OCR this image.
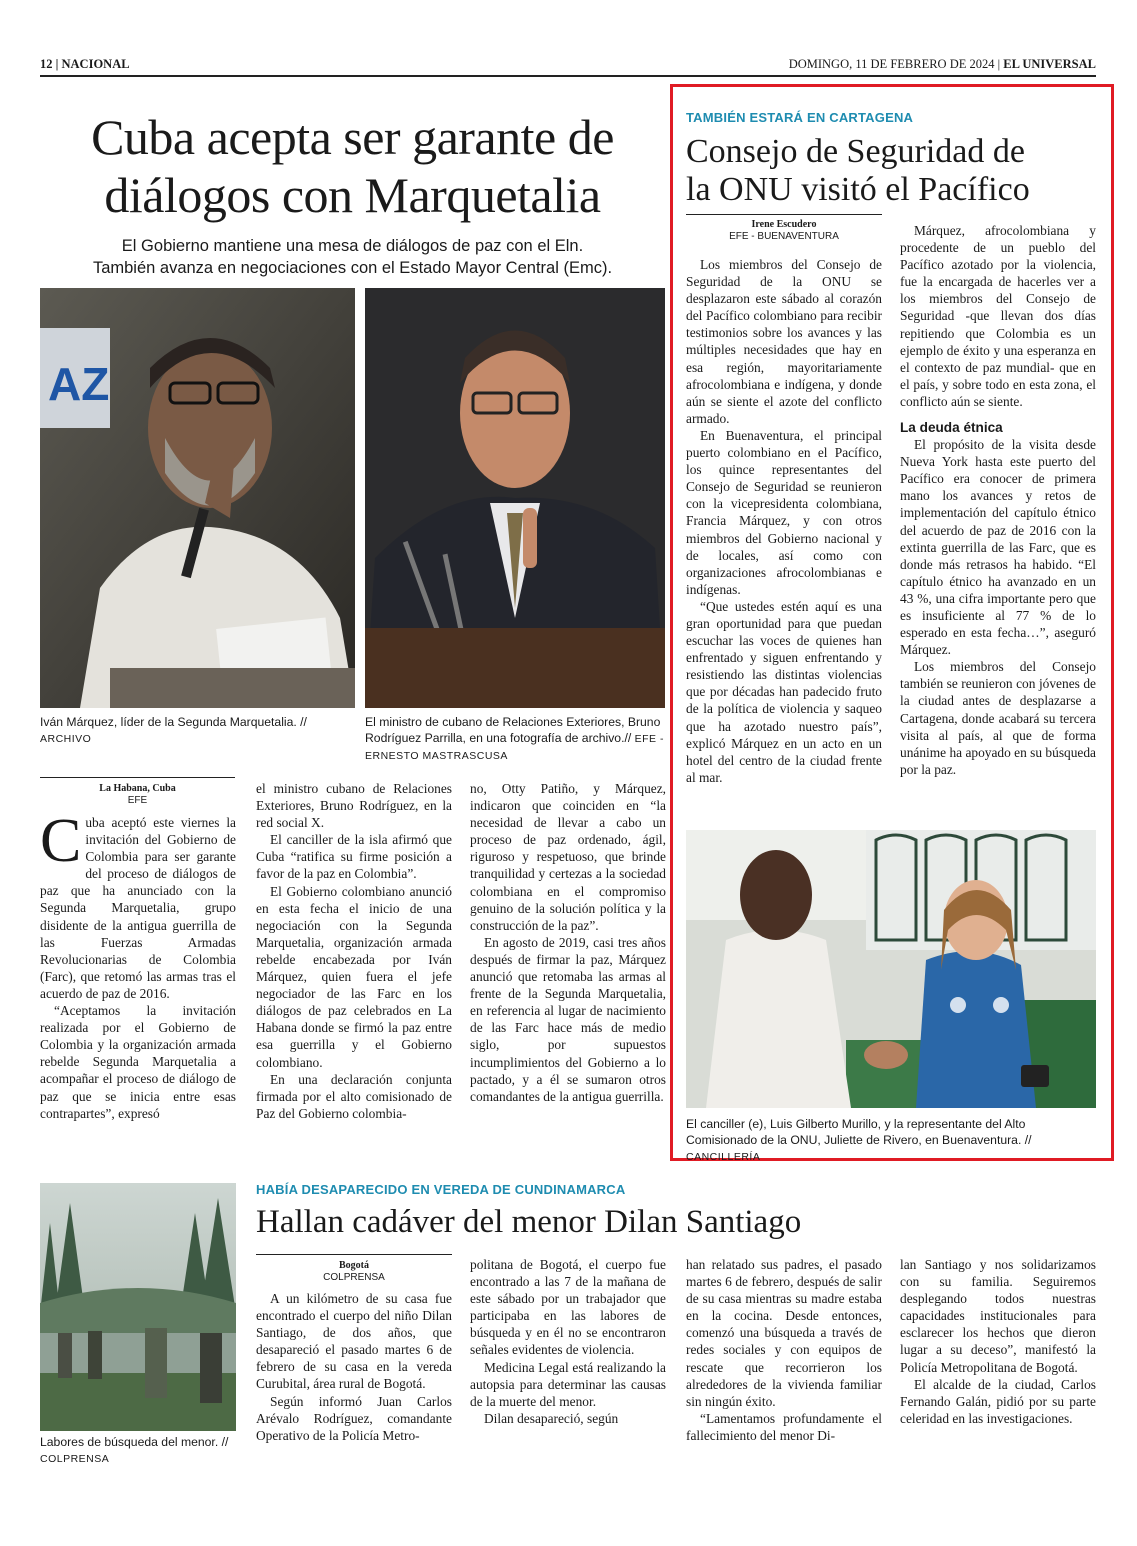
12 | NACIONAL	DOMINGO, 11 DE FEBRERO DE 2024 | EL UNIVERSAL
Cuba acepta ser garante de
diálogos con Marquetalia
El Gobierno mantiene una mesa de diálogos de paz con el Eln.
También avanza en negociaciones con el Estado Mayor Central (Emc).
AZ
Iván Márquez, líder de la Segunda Marquetalia. //
ARCHIVO
El ministro de cubano de Relaciones Exteriores, Bruno Rodríguez Parrilla, en una fotografía de archivo.// EFE - ERNESTO MASTRASCUSA
La Habana, Cuba
EFE

Cuba aceptó este viernes la invitación del Gobierno de Colombia para ser garante del proceso de diálogos de paz que ha anunciado con la Segunda Marquetalia, grupo disidente de la antigua guerrilla de las Fuerzas Armadas Revolucionarias de Colombia (Farc), que retomó las armas tras el acuerdo de paz de 2016.

“Aceptamos la invitación realizada por el Gobierno de Colombia y la organización armada rebelde Segunda Marquetalia a acompañar el proceso de diálogo de paz que se inicia entre esas contrapartes”, expresó

el ministro cubano de Relaciones Exteriores, Bruno Rodríguez, en la red social X.

El canciller de la isla afirmó que Cuba “ratifica su firme posición a favor de la paz en Colombia”.

El Gobierno colombiano anunció en esta fecha el inicio de una negociación con la Segunda Marquetalia, organización armada rebelde encabezada por Iván Márquez, quien fuera el jefe negociador de las Farc en los diálogos de paz celebrados en La Habana donde se firmó la paz entre esa guerrilla y el Gobierno colombiano.

En una declaración conjunta firmada por el alto comisionado de Paz del Gobierno colombia-

no, Otty Patiño, y Márquez, indicaron que coinciden en “la necesidad de llevar a cabo un proceso de paz ordenado, ágil, riguroso y respetuoso, que brinde tranquilidad y certezas a la sociedad colombiana en el compromiso genuino de la solución política y la construcción de la paz”.

En agosto de 2019, casi tres años después de firmar la paz, Márquez anunció que retomaba las armas al frente de la Segunda Marquetalia, en referencia al lugar de nacimiento de las Farc hace más de medio siglo, por supuestos incumplimientos del Gobierno a lo pactado, y a él se sumaron otros comandantes de la antigua guerrilla.

TAMBIÉN ESTARÁ EN CARTAGENA
Consejo de Seguridad de
la ONU visitó el Pacífico
Irene Escudero
EFE - BUENAVENTURA

Los miembros del Consejo de Seguridad de la ONU se desplazaron este sábado al corazón del Pacífico colombiano para recibir testimonios sobre los avances y las múltiples necesidades que hay en esa región, mayoritariamente afrocolombiana e indígena, y donde aún se siente el azote del conflicto armado.

En Buenaventura, el principal puerto colombiano en el Pacífico, los quince representantes del Consejo de Seguridad se reunieron con la vicepresidenta colombiana, Francia Márquez, y con otros miembros del Gobierno nacional y de locales, así como con organizaciones afrocolombianas e indígenas.

“Que ustedes estén aquí es una gran oportunidad para que puedan escuchar las voces de quienes han enfrentado y siguen enfrentando y resistiendo las distintas violencias que por décadas han padecido fruto de la política de violencia y saqueo que ha azotado nuestro país”, explicó Márquez en un acto en un hotel del centro de la ciudad frente al mar.

Márquez, afrocolombiana y procedente de un pueblo del Pacífico azotado por la violencia, fue la encargada de hacerles ver a los miembros del Consejo de Seguridad -que llevan dos días repitiendo que Colombia es un ejemplo de éxito y una esperanza en el contexto de paz mundial- que en el país, y sobre todo en esta zona, el conflicto aún se siente.

La deuda étnica

El propósito de la visita desde Nueva York hasta este puerto del Pacífico era conocer de primera mano los avances y retos de implementación del capítulo étnico del acuerdo de paz de 2016 con la extinta guerrilla de las Farc, que es donde más retrasos ha habido. “El capítulo étnico ha avanzado en un 43 %, una cifra importante pero que es insuficiente al 77 % de lo esperado en esta fecha…”, aseguró Márquez.

Los miembros del Consejo también se reunieron con jóvenes de la ciudad antes de desplazarse a Cartagena, donde acabará su tercera visita al país, al que de forma unánime ha apoyado en su búsqueda por la paz.

El canciller (e), Luis Gilberto Murillo, y la representante del Alto Comisionado de la ONU, Juliette de Rivero, en Buenaventura. // CANCILLERÍA
Labores de búsqueda del menor. // COLPRENSA
HABÍA DESAPARECIDO EN VEREDA DE CUNDINAMARCA
Hallan cadáver del menor Dilan Santiago
Bogotá
COLPRENSA

A un kilómetro de su casa fue encontrado el cuerpo del niño Dilan Santiago, de dos años, que desapareció el pasado martes 6 de febrero de su casa en la vereda Curubital, área rural de Bogotá.

Según informó Juan Carlos Arévalo Rodríguez, comandante Operativo de la Policía Metro-

politana de Bogotá, el cuerpo fue encontrado a las 7 de la mañana de este sábado por un trabajador que participaba en las labores de búsqueda y en él no se encontraron señales evidentes de violencia.

Medicina Legal está realizando la autopsia para determinar las causas de la muerte del menor.

Dilan desapareció, según

han relatado sus padres, el pasado martes 6 de febrero, después de salir de su casa mientras su madre estaba en la cocina. Desde entonces, comenzó una búsqueda a través de redes sociales y con equipos de rescate que recorrieron los alrededores de la vivienda familiar sin ningún éxito.

“Lamentamos profundamente el fallecimiento del menor Di-

lan Santiago y nos solidarizamos con su familia. Seguiremos desplegando todos nuestras capacidades institucionales para esclarecer los hechos que dieron lugar a su deceso”, manifestó la Policía Metropolitana de Bogotá.

El alcalde de la ciudad, Carlos Fernando Galán, pidió por su parte celeridad en las investigaciones.
